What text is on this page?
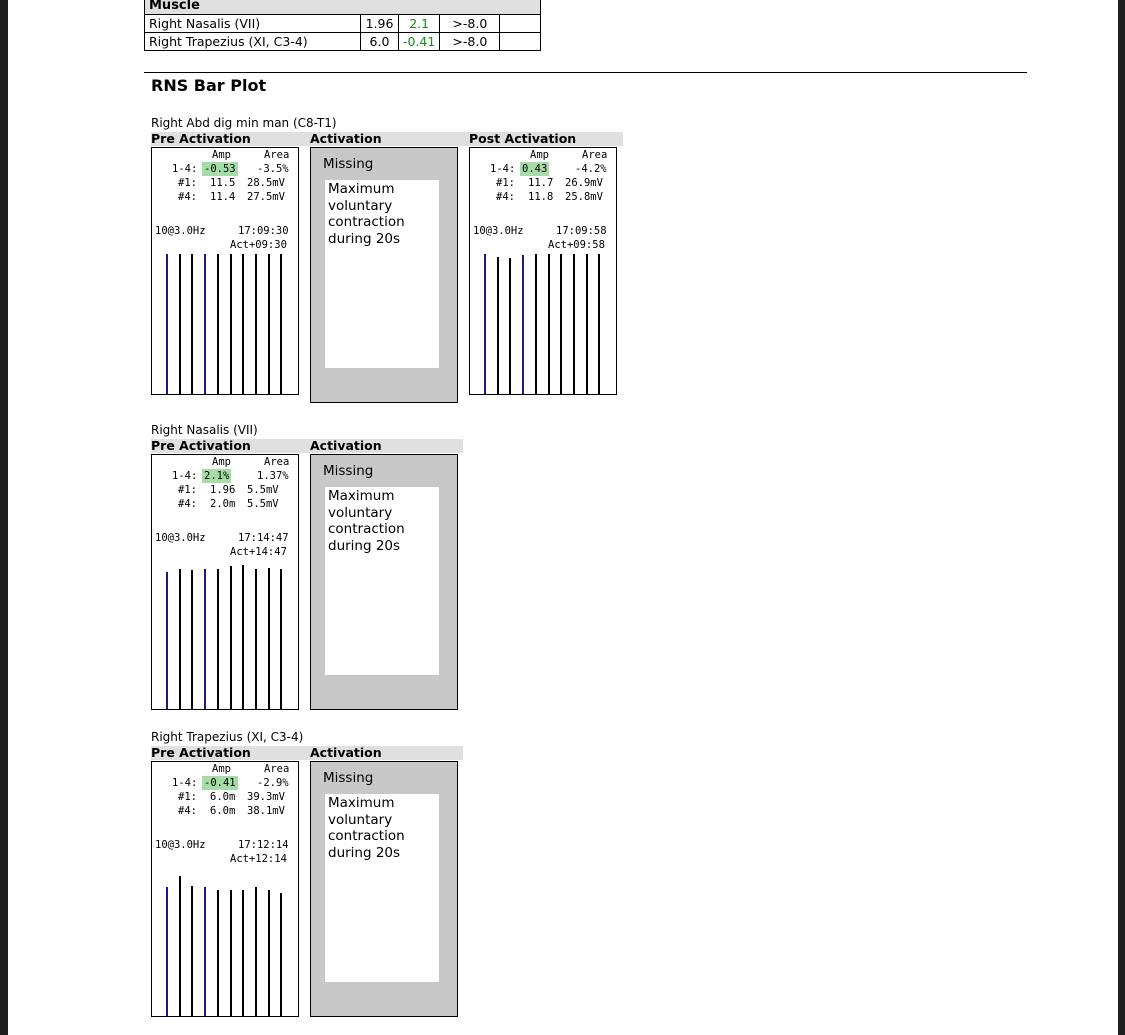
Muscle				
Right Nasalis (VII)	1.96	2.1	>-8.0	
Right Trapezius (XI, C3-4)	6.0	-0.41	>-8.0	
RNS Bar Plot
Right Abd dig min man (C8-T1)
Pre Activation	Activation	Post Activation
Amp	Area
1-4: -0.53 -3.5%
#1: 11.5 28.5mV
#4: 11.4 27.5mV
10@3.0Hz	17:09:30
Act+09:30
Missing
Maximum voluntary contraction during 20s
Amp	Area
1-4: 0.43	-4.2%
#1: 11.7 26.9mV
#4: 11.8 25.8mV
10@3.0Hz	17:09:58
Act+09:58
Right Nasalis (VII)
Pre Activation	Activation
Amp	Area
1-4: 2.1%	1.37%
#1: 1.96 5.5mV
#4: 2.0m 5.5mV
10@3.0Hz	17:14:47
Act+14:47
Missing
Maximum voluntary contraction during 20s
Right Trapezius (XI, C3-4)
Pre Activation	Activation
Amp	Area
1-4: -0.41 -2.9%
#1: 6.0m 39.3mV
#4: 6.0m 38.1mV
10@3.0Hz	17:12:14
Act+12:14
Missing
Maximum voluntary contraction during 20s
